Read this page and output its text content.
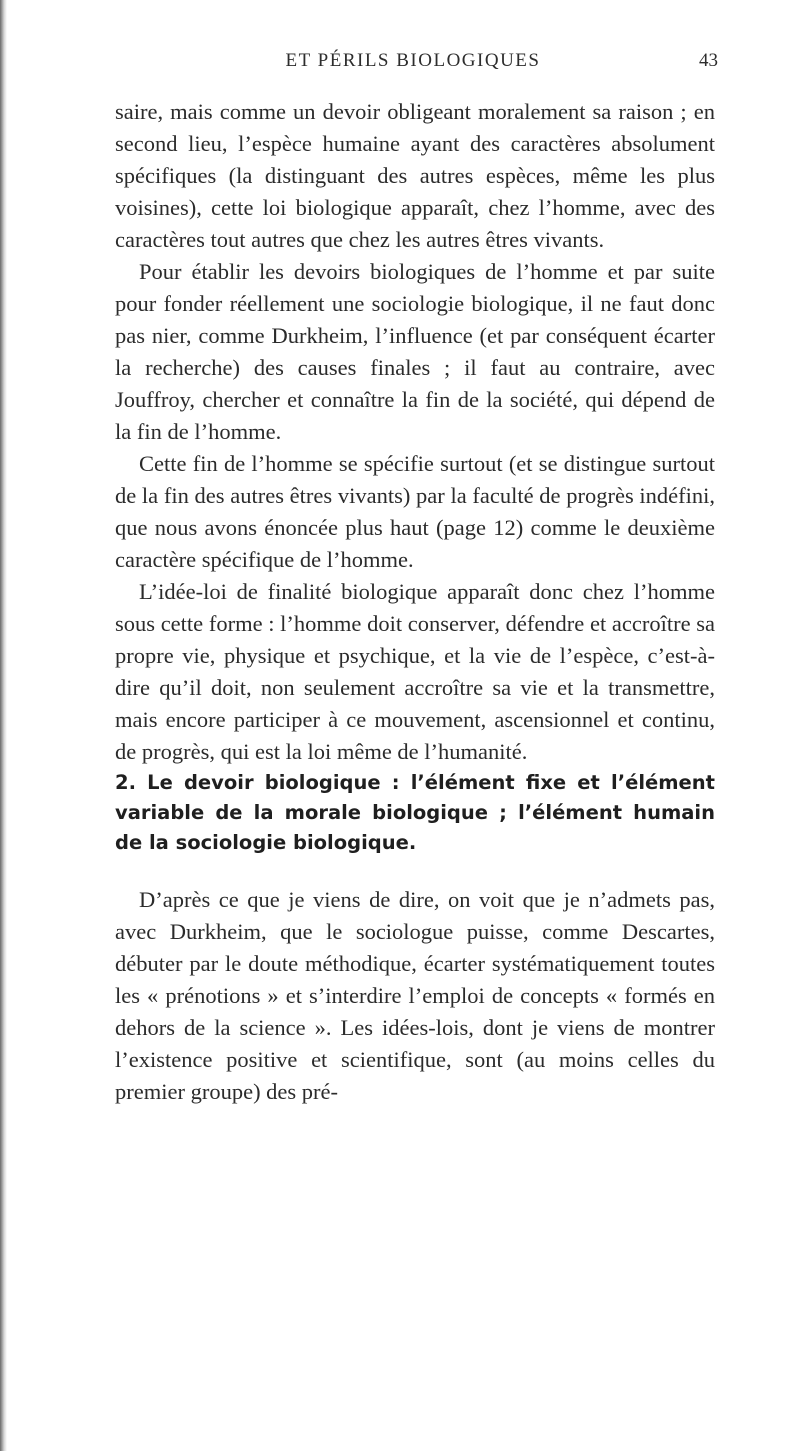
ET PÉRILS BIOLOGIQUES	43

saire, mais comme un devoir obligeant moralement sa raison ; en second lieu, l’espèce humaine ayant des caractères absolument spécifiques (la distinguant des autres espèces, même les plus voisines), cette loi biologique apparaît, chez l’homme, avec des caractères tout autres que chez les autres êtres vivants.

Pour établir les devoirs biologiques de l’homme et par suite pour fonder réellement une sociologie biologique, il ne faut donc pas nier, comme Durkheim, l’influence (et par conséquent écarter la recherche) des causes finales ; il faut au contraire, avec Jouffroy, chercher et connaître la fin de la société, qui dépend de la fin de l’homme.

Cette fin de l’homme se spécifie surtout (et se distingue surtout de la fin des autres êtres vivants) par la faculté de progrès indéfini, que nous avons énoncée plus haut (page 12) comme le deuxième caractère spécifique de l’homme.

L’idée-loi de finalité biologique apparaît donc chez l’homme sous cette forme : l’homme doit conserver, défendre et accroître sa propre vie, physique et psychique, et la vie de l’espèce, c’est-à-dire qu’il doit, non seulement accroître sa vie et la transmettre, mais encore participer à ce mouvement, ascensionnel et continu, de progrès, qui est la loi même de l’humanité.

2. Le devoir biologique : l’élément fixe et l’élément variable de la morale biologique ; l’élément humain de la sociologie biologique.

D’après ce que je viens de dire, on voit que je n’admets pas, avec Durkheim, que le sociologue puisse, comme Descartes, débuter par le doute méthodique, écarter systématiquement toutes les « prénotions » et s’interdire l’emploi de concepts « formés en dehors de la science ». Les idées-lois, dont je viens de montrer l’existence positive et scientifique, sont (au moins celles du premier groupe) des pré-
